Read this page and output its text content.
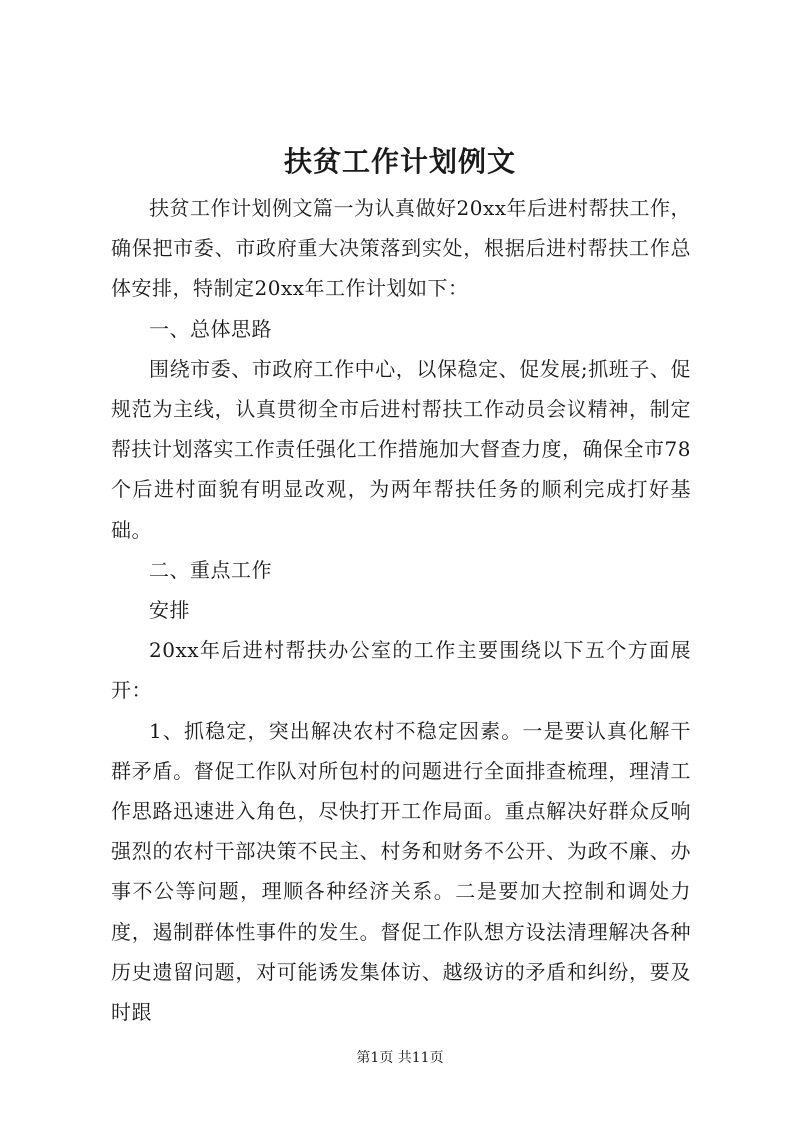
扶贫工作计划例文

扶贫工作计划例文篇一为认真做好20xx年后进村帮扶工作，确保把市委、市政府重大决策落到实处，根据后进村帮扶工作总体安排，特制定20xx年工作计划如下：

一、总体思路

围绕市委、市政府工作中心，以保稳定、促发展;抓班子、促规范为主线，认真贯彻全市后进村帮扶工作动员会议精神，制定帮扶计划落实工作责任强化工作措施加大督查力度，确保全市78个后进村面貌有明显改观，为两年帮扶任务的顺利完成打好基础。

二、重点工作

安排

20xx年后进村帮扶办公室的工作主要围绕以下五个方面展开：

1、抓稳定，突出解决农村不稳定因素。一是要认真化解干群矛盾。督促工作队对所包村的问题进行全面排查梳理，理清工作思路迅速进入角色，尽快打开工作局面。重点解决好群众反响强烈的农村干部决策不民主、村务和财务不公开、为政不廉、办事不公等问题，理顺各种经济关系。二是要加大控制和调处力度，遏制群体性事件的发生。督促工作队想方设法清理解决各种历史遗留问题，对可能诱发集体访、越级访的矛盾和纠纷，要及时跟

第1页 共11页
